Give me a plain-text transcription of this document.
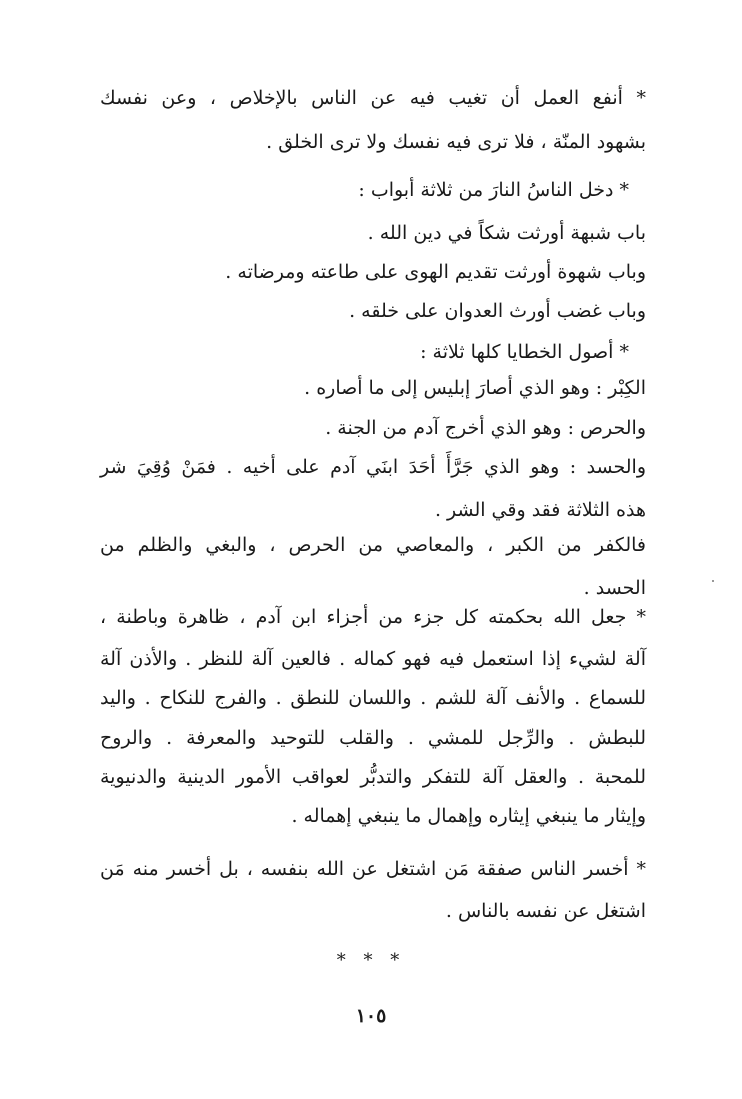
* أنفع العمل أن تغيب فيه عن الناس بالإخلاص ، وعن نفسك
بشهود المنّة ، فلا ترى فيه نفسك ولا ترى الخلق .
* دخل الناسُ النارَ من ثلاثة أبواب :
باب شبهة أورثت شكاً في دين الله .
وباب شهوة أورثت تقديم الهوى على طاعته ومرضاته .
وباب غضب أورث العدوان على خلقه .
* أصول الخطايا كلها ثلاثة :
الكِبْر : وهو الذي أصارَ إبليس إلى ما أصاره .
والحرص : وهو الذي أخرج آدم من الجنة .
والحسد : وهو الذي جَرَّأَ أحَدَ ابنَي آدم على أخيه . فمَنْ وُقِيَ شر
هذه الثلاثة فقد وقي الشر .
فالكفر من الكبر ، والمعاصي من الحرص ، والبغي والظلم من
الحسد .
* جعل الله بحكمته كل جزء من أجزاء ابن آدم ، ظاهرة وباطنة ،
آلة لشيء إذا استعمل فيه فهو كماله . فالعين آلة للنظر . والأذن آلة
للسماع . والأنف آلة للشم . واللسان للنطق . والفرج للنكاح . واليد
للبطش . والرِّجل للمشي . والقلب للتوحيد والمعرفة . والروح
للمحبة . والعقل آلة للتفكر والتدبُّر لعواقب الأمور الدينية والدنيوية
وإيثار ما ينبغي إيثاره وإهمال ما ينبغي إهماله .
* أخسر الناس صفقة مَن اشتغل عن الله بنفسه ، بل أخسر منه مَن
اشتغل عن نفسه بالناس .
* * *
١٠٥
